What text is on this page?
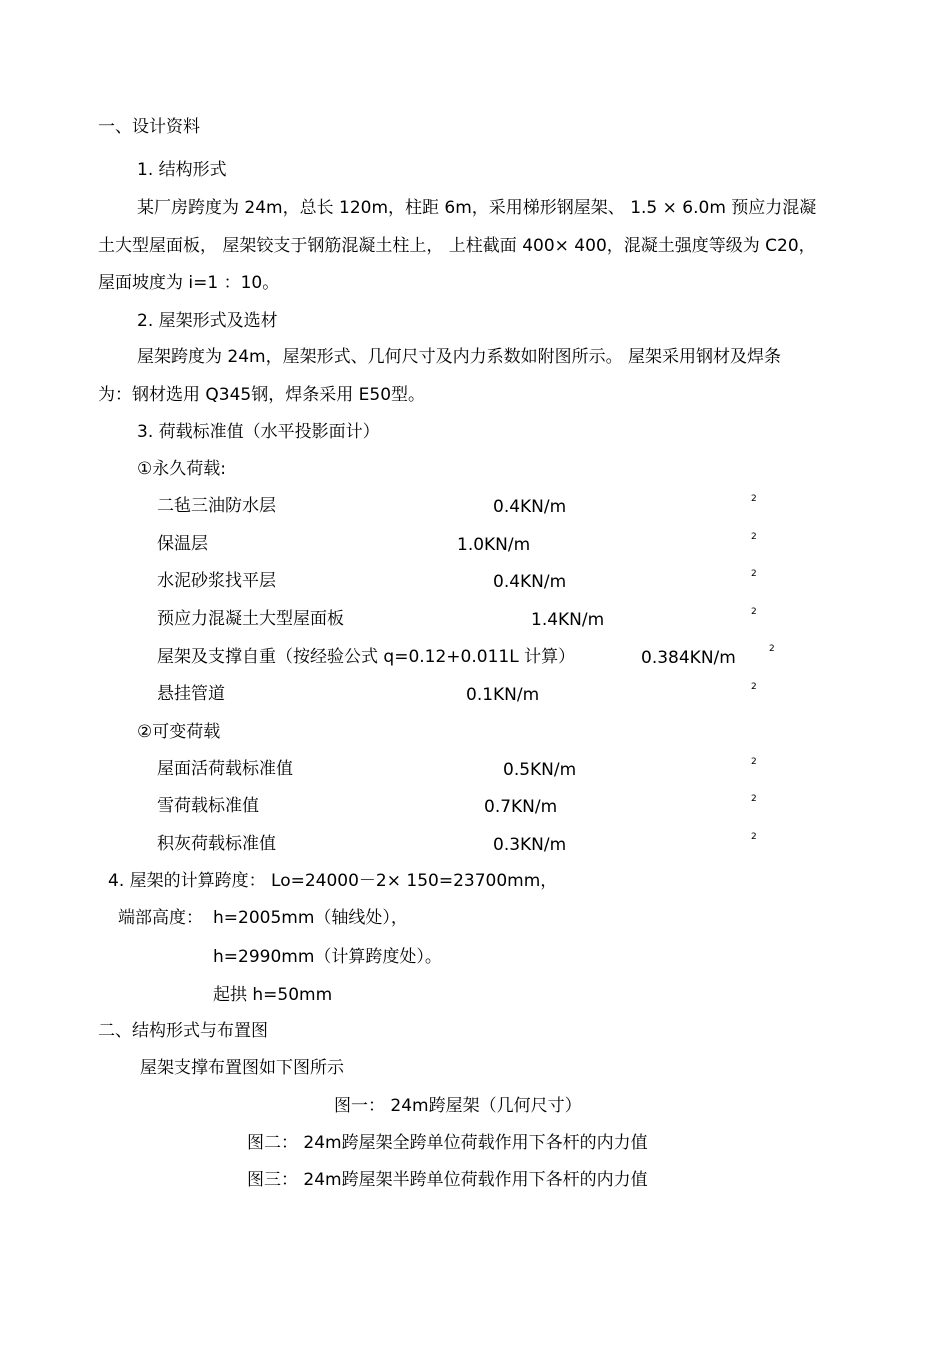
一、设计资料
1. 结构形式
某厂房跨度为 24m，总长 120m，柱距 6m，采用梯形钢屋架、 1.5 × 6.0m 预应力混凝
土大型屋面板， 屋架铰支于钢筋混凝土柱上， 上柱截面 400× 400，混凝土强度等级为 C20，
屋面坡度为 i=1 ：10。
2. 屋架形式及选材
屋架跨度为 24m，屋架形式、几何尺寸及内力系数如附图所示。 屋架采用钢材及焊条
为：钢材选用 Q345钢，焊条采用 E50型。
3. 荷载标准值（水平投影面计）
①永久荷载:
二毡三油防水层	0.4KN/m	2
保温层	1.0KN/m	2
水泥砂浆找平层	0.4KN/m	2
预应力混凝土大型屋面板	1.4KN/m	2
屋架及支撑自重（按经验公式 q=0.12+0.011L 计算）	0.384KN/m	2
悬挂管道	0.1KN/m	2
②可变荷载
屋面活荷载标准值	0.5KN/m	2
雪荷载标准值	0.7KN/m	2
积灰荷载标准值	0.3KN/m	2
4. 屋架的计算跨度： Lo=24000－2× 150=23700mm，
端部高度： h=2005mm（轴线处），
h=2990mm（计算跨度处）。
起拱 h=50mm
二、结构形式与布置图
屋架支撑布置图如下图所示
图一： 24m跨屋架（几何尺寸）
图二： 24m跨屋架全跨单位荷载作用下各杆的内力值
图三： 24m跨屋架半跨单位荷载作用下各杆的内力值
